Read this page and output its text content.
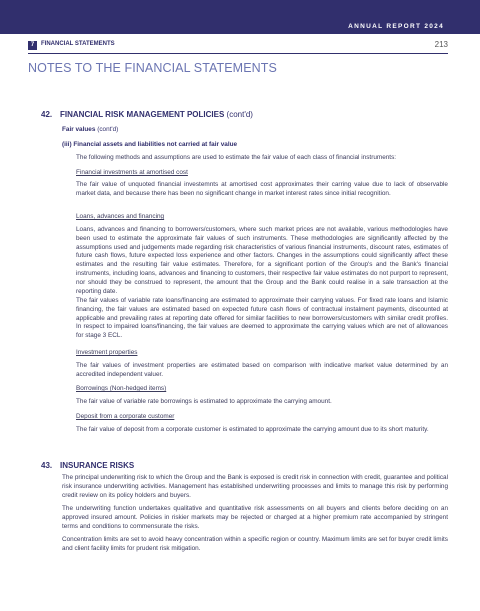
ANNUAL REPORT 2024
7	FINANCIAL STATEMENTS	213
NOTES TO THE FINANCIAL STATEMENTS
42. FINANCIAL RISK MANAGEMENT POLICIES (cont'd)
Fair values (cont'd)
(iii) Financial assets and liabilities not carried at fair value

The following methods and assumptions are used to estimate the fair value of each class of financial instruments:

Financial investments at amortised cost

The fair value of unquoted financial investemnts at amortised cost approximates their carring value due to lack of observable market data, and because there has been no significant change in market interest rates since initial recognition.

Loans, advances and financing

Loans, advances and financing to borrowers/customers, where such market prices are not available, various methodologies have been used to estimate the approximate fair values of such instruments. These methodologies are significantly affected by the assumptions used and judgements made regarding risk characteristics of various financial instruments, discount rates, estimates of future cash flows, future expected loss experience and other factors. Changes in the assumptions could significantly affect these estimates and the resulting fair value estimates. Therefore, for a significant portion of the Group's and the Bank's financial instruments, including loans, advances and financing to customers, their respective fair value estimates do not purport to represent, nor should they be construed to represent, the amount that the Group and the Bank could realise in a sale transaction at the reporting date.

The fair values of variable rate loans/financing are estimated to approximate their carrying values. For fixed rate loans and Islamic financing, the fair values are estimated based on expected future cash flows of contractual instalment payments, discounted at applicable and prevailing rates at reporting date offered for similar facilities to new borrowers/customers with similar credit profiles. In respect to impaired loans/financing, the fair values are deemed to approximate the carrying values which are net of allowances for stage 3 ECL.

Investment properties

The fair values of investment properties are estimated based on comparison with indicative market value determined by an accredited independent valuer.

Borrowings (Non-hedged items)

The fair value of variable rate borrowings is estimated to approximate the carrying amount.

Deposit from a corporate customer

The fair value of deposit from a corporate customer is estimated to approximate the carrying amount due to its short maturity.

43. INSURANCE RISKS

The principal underwriting risk to which the Group and the Bank is exposed is credit risk in connection with credit, guarantee and political risk insurance underwriting activities. Management has established underwriting processes and limits to manage this risk by performing credit review on its policy holders and buyers.

The underwriting function undertakes qualitative and quantitative risk assessments on all buyers and clients before deciding on an approved insured amount. Policies in riskier markets may be rejected or charged at a higher premium rate accompanied by stringent terms and conditions to commensurate the risks.

Concentration limits are set to avoid heavy concentration within a specific region or country. Maximum limits are set for buyer credit limits and client facility limits for prudent risk mitigation.
